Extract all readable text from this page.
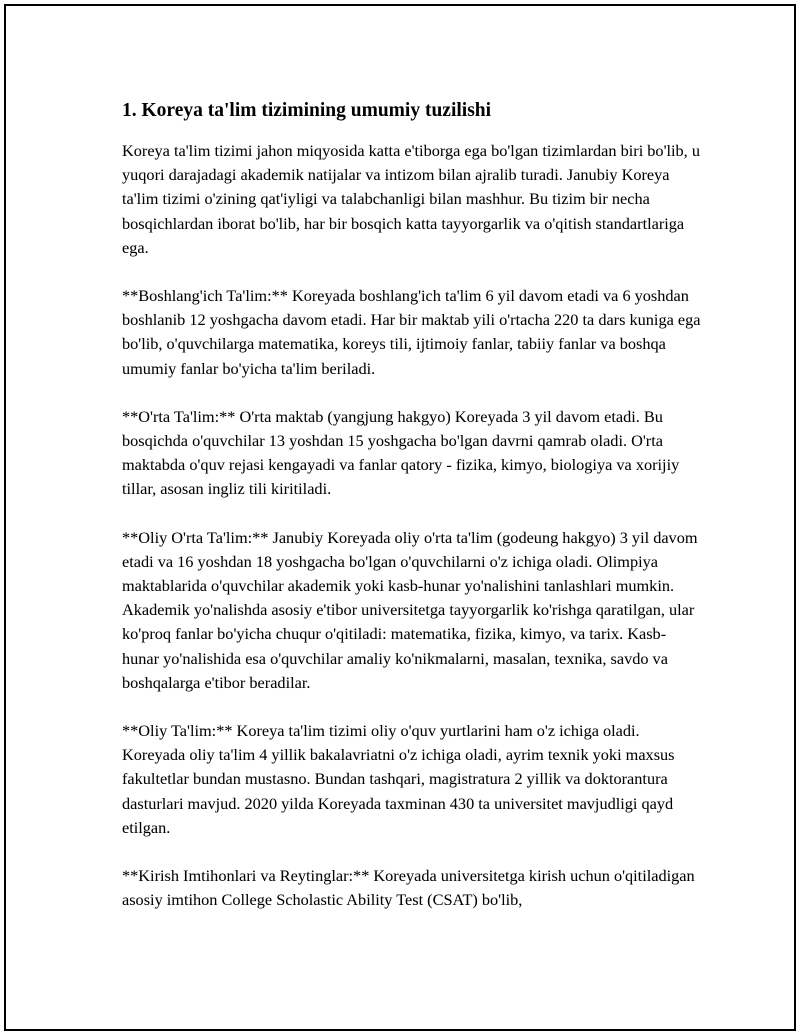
1. Koreya ta'lim tizimining umumiy tuzilishi

Koreya ta'lim tizimi jahon miqyosida katta e'tiborga ega bo'lgan tizimlardan biri bo'lib, u yuqori darajadagi akademik natijalar va intizom bilan ajralib turadi. Janubiy Koreya ta'lim tizimi o'zining qat'iyligi va talabchanligi bilan mashhur. Bu tizim bir necha bosqichlardan iborat bo'lib, har bir bosqich katta tayyorgarlik va o'qitish standartlariga ega.

**Boshlang'ich Ta'lim:** Koreyada boshlang'ich ta'lim 6 yil davom etadi va 6 yoshdan boshlanib 12 yoshgacha davom etadi. Har bir maktab yili o'rtacha 220 ta dars kuniga ega bo'lib, o'quvchilarga matematika, koreys tili, ijtimoiy fanlar, tabiiy fanlar va boshqa umumiy fanlar bo'yicha ta'lim beriladi.

**O'rta Ta'lim:** O'rta maktab (yangjung hakgyo) Koreyada 3 yil davom etadi. Bu bosqichda o'quvchilar 13 yoshdan 15 yoshgacha bo'lgan davrni qamrab oladi. O'rta maktabda o'quv rejasi kengayadi va fanlar qatory - fizika, kimyo, biologiya va xorijiy tillar, asosan ingliz tili kiritiladi.

**Oliy O'rta Ta'lim:** Janubiy Koreyada oliy o'rta ta'lim (godeung hakgyo) 3 yil davom etadi va 16 yoshdan 18 yoshgacha bo'lgan o'quvchilarni o'z ichiga oladi. Olimpiya maktablarida o'quvchilar akademik yoki kasb-hunar yo'nalishini tanlashlari mumkin. Akademik yo'nalishda asosiy e'tibor universitetga tayyorgarlik ko'rishga qaratilgan, ular ko'proq fanlar bo'yicha chuqur o'qitiladi: matematika, fizika, kimyo, va tarix. Kasb-hunar yo'nalishida esa o'quvchilar amaliy ko'nikmalarni, masalan, texnika, savdo va boshqalarga e'tibor beradilar.

**Oliy Ta'lim:** Koreya ta'lim tizimi oliy o'quv yurtlarini ham o'z ichiga oladi. Koreyada oliy ta'lim 4 yillik bakalavriatni o'z ichiga oladi, ayrim texnik yoki maxsus fakultetlar bundan mustasno. Bundan tashqari, magistratura 2 yillik va doktorantura dasturlari mavjud. 2020 yilda Koreyada taxminan 430 ta universitet mavjudligi qayd etilgan.

**Kirish Imtihonlari va Reytinglar:** Koreyada universitetga kirish uchun o'qitiladigan asosiy imtihon College Scholastic Ability Test (CSAT) bo'lib,
